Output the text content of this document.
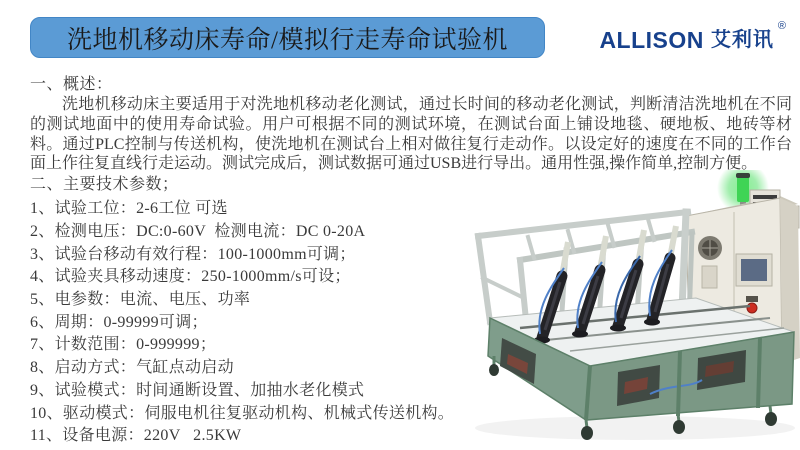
洗地机移动床寿命/模拟行走寿命试验机	ALLISON 艾利讯
®
一、概述：

洗地机移动床主要适用于对洗地机移动老化测试，通过长时间的移动老化测试，判断清洁洗地机在不同的测试地面中的使用寿命试验。用户可根据不同的测试环境，在测试台面上铺设地毯、硬地板、地砖等材料。通过PLC控制与传送机构，使洗地机在测试台上相对做往复行走动作。以设定好的速度在不同的工作台面上作往复直线行走运动。测试完成后，测试数据可通过USB进行导出。通用性强,操作简单,控制方便。

二、主要技术参数；
1、试验工位：2-6工位 可选
2、检测电压：DC:0-60V  检测电流：DC 0-20A
3、试验台移动有效行程：100-1000mm可调；
4、试验夹具移动速度：250-1000mm/s可设；
5、电参数：电流、电压、功率
6、周期：0-99999可调；
7、计数范围：0-999999；
8、启动方式：气缸点动启动
9、试验模式：时间通断设置、加抽水老化模式
10、驱动模式：伺服电机往复驱动机构、机械式传送机构。
11、设备电源：220V   2.5KW
